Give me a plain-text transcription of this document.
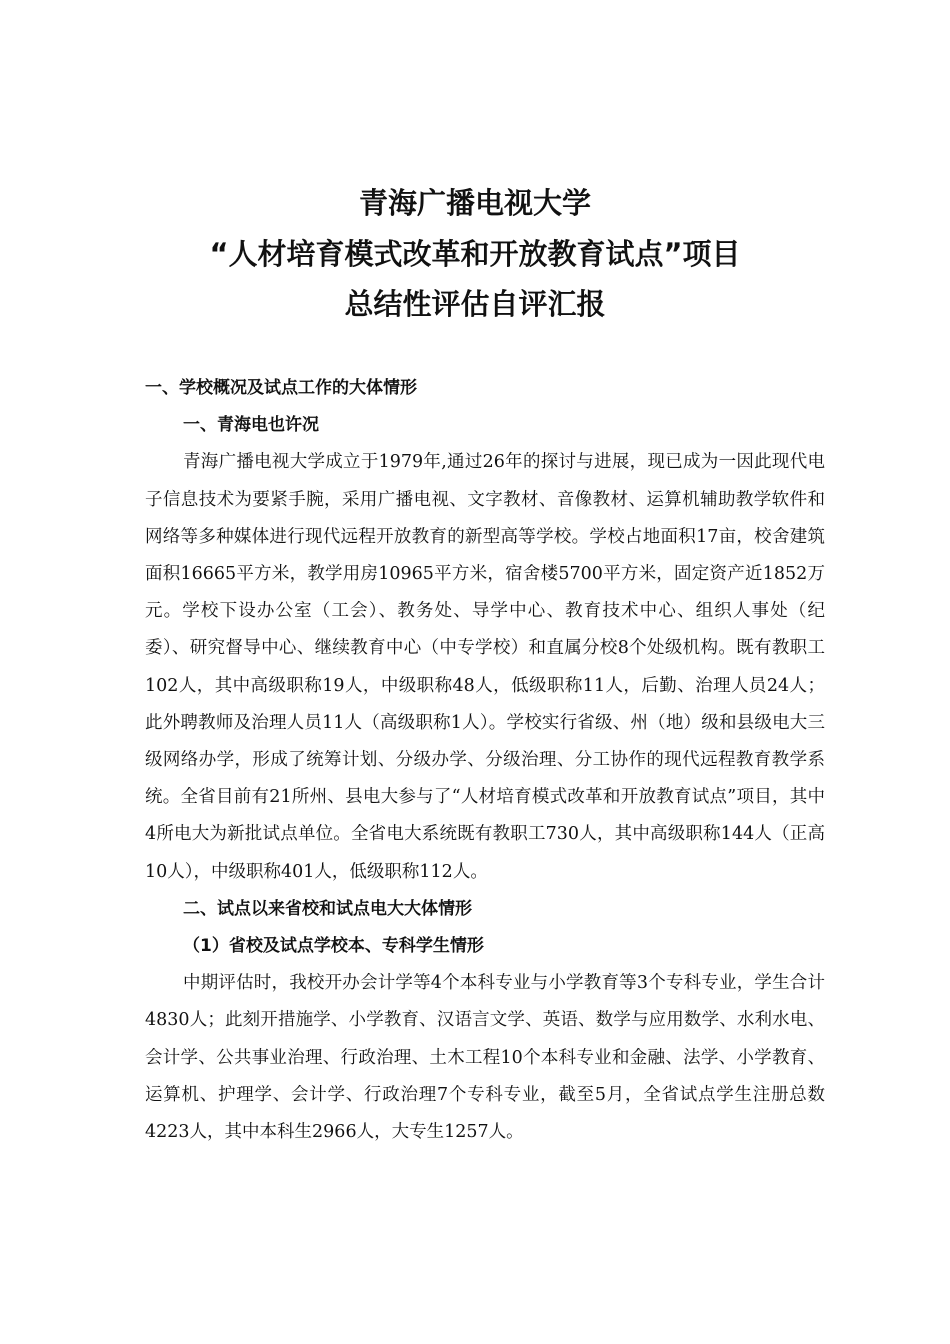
青海广播电视大学
“人材培育模式改革和开放教育试点”项目
总结性评估自评汇报
一、学校概况及试点工作的大体情形
一、青海电也许况

青海广播电视大学成立于1979年,通过26年的探讨与进展，现已成为一因此现代电子信息技术为要紧手腕，采用广播电视、文字教材、音像教材、运算机辅助教学软件和网络等多种媒体进行现代远程开放教育的新型高等学校。学校占地面积17亩，校舍建筑面积16665平方米，教学用房10965平方米，宿舍楼5700平方米，固定资产近1852万元。学校下设办公室（工会）、教务处、导学中心、教育技术中心、组织人事处（纪委）、研究督导中心、继续教育中心（中专学校）和直属分校8个处级机构。既有教职工102人，其中高级职称19人，中级职称48人，低级职称11人，后勤、治理人员24人；此外聘教师及治理人员11人（高级职称1人）。学校实行省级、州（地）级和县级电大三级网络办学，形成了统筹计划、分级办学、分级治理、分工协作的现代远程教育教学系统。全省目前有21所州、县电大参与了“人材培育模式改革和开放教育试点”项目，其中4所电大为新批试点单位。全省电大系统既有教职工730人，其中高级职称144人（正高10人），中级职称401人，低级职称112人。

二、试点以来省校和试点电大大体情形
（1）省校及试点学校本、专科学生情形

中期评估时，我校开办会计学等4个本科专业与小学教育等3个专科专业，学生合计4830人；此刻开措施学、小学教育、汉语言文学、英语、数学与应用数学、水利水电、会计学、公共事业治理、行政治理、土木工程10个本科专业和金融、法学、小学教育、运算机、护理学、会计学、行政治理7个专科专业，截至5月，全省试点学生注册总数4223人，其中本科生2966人，大专生1257人。
